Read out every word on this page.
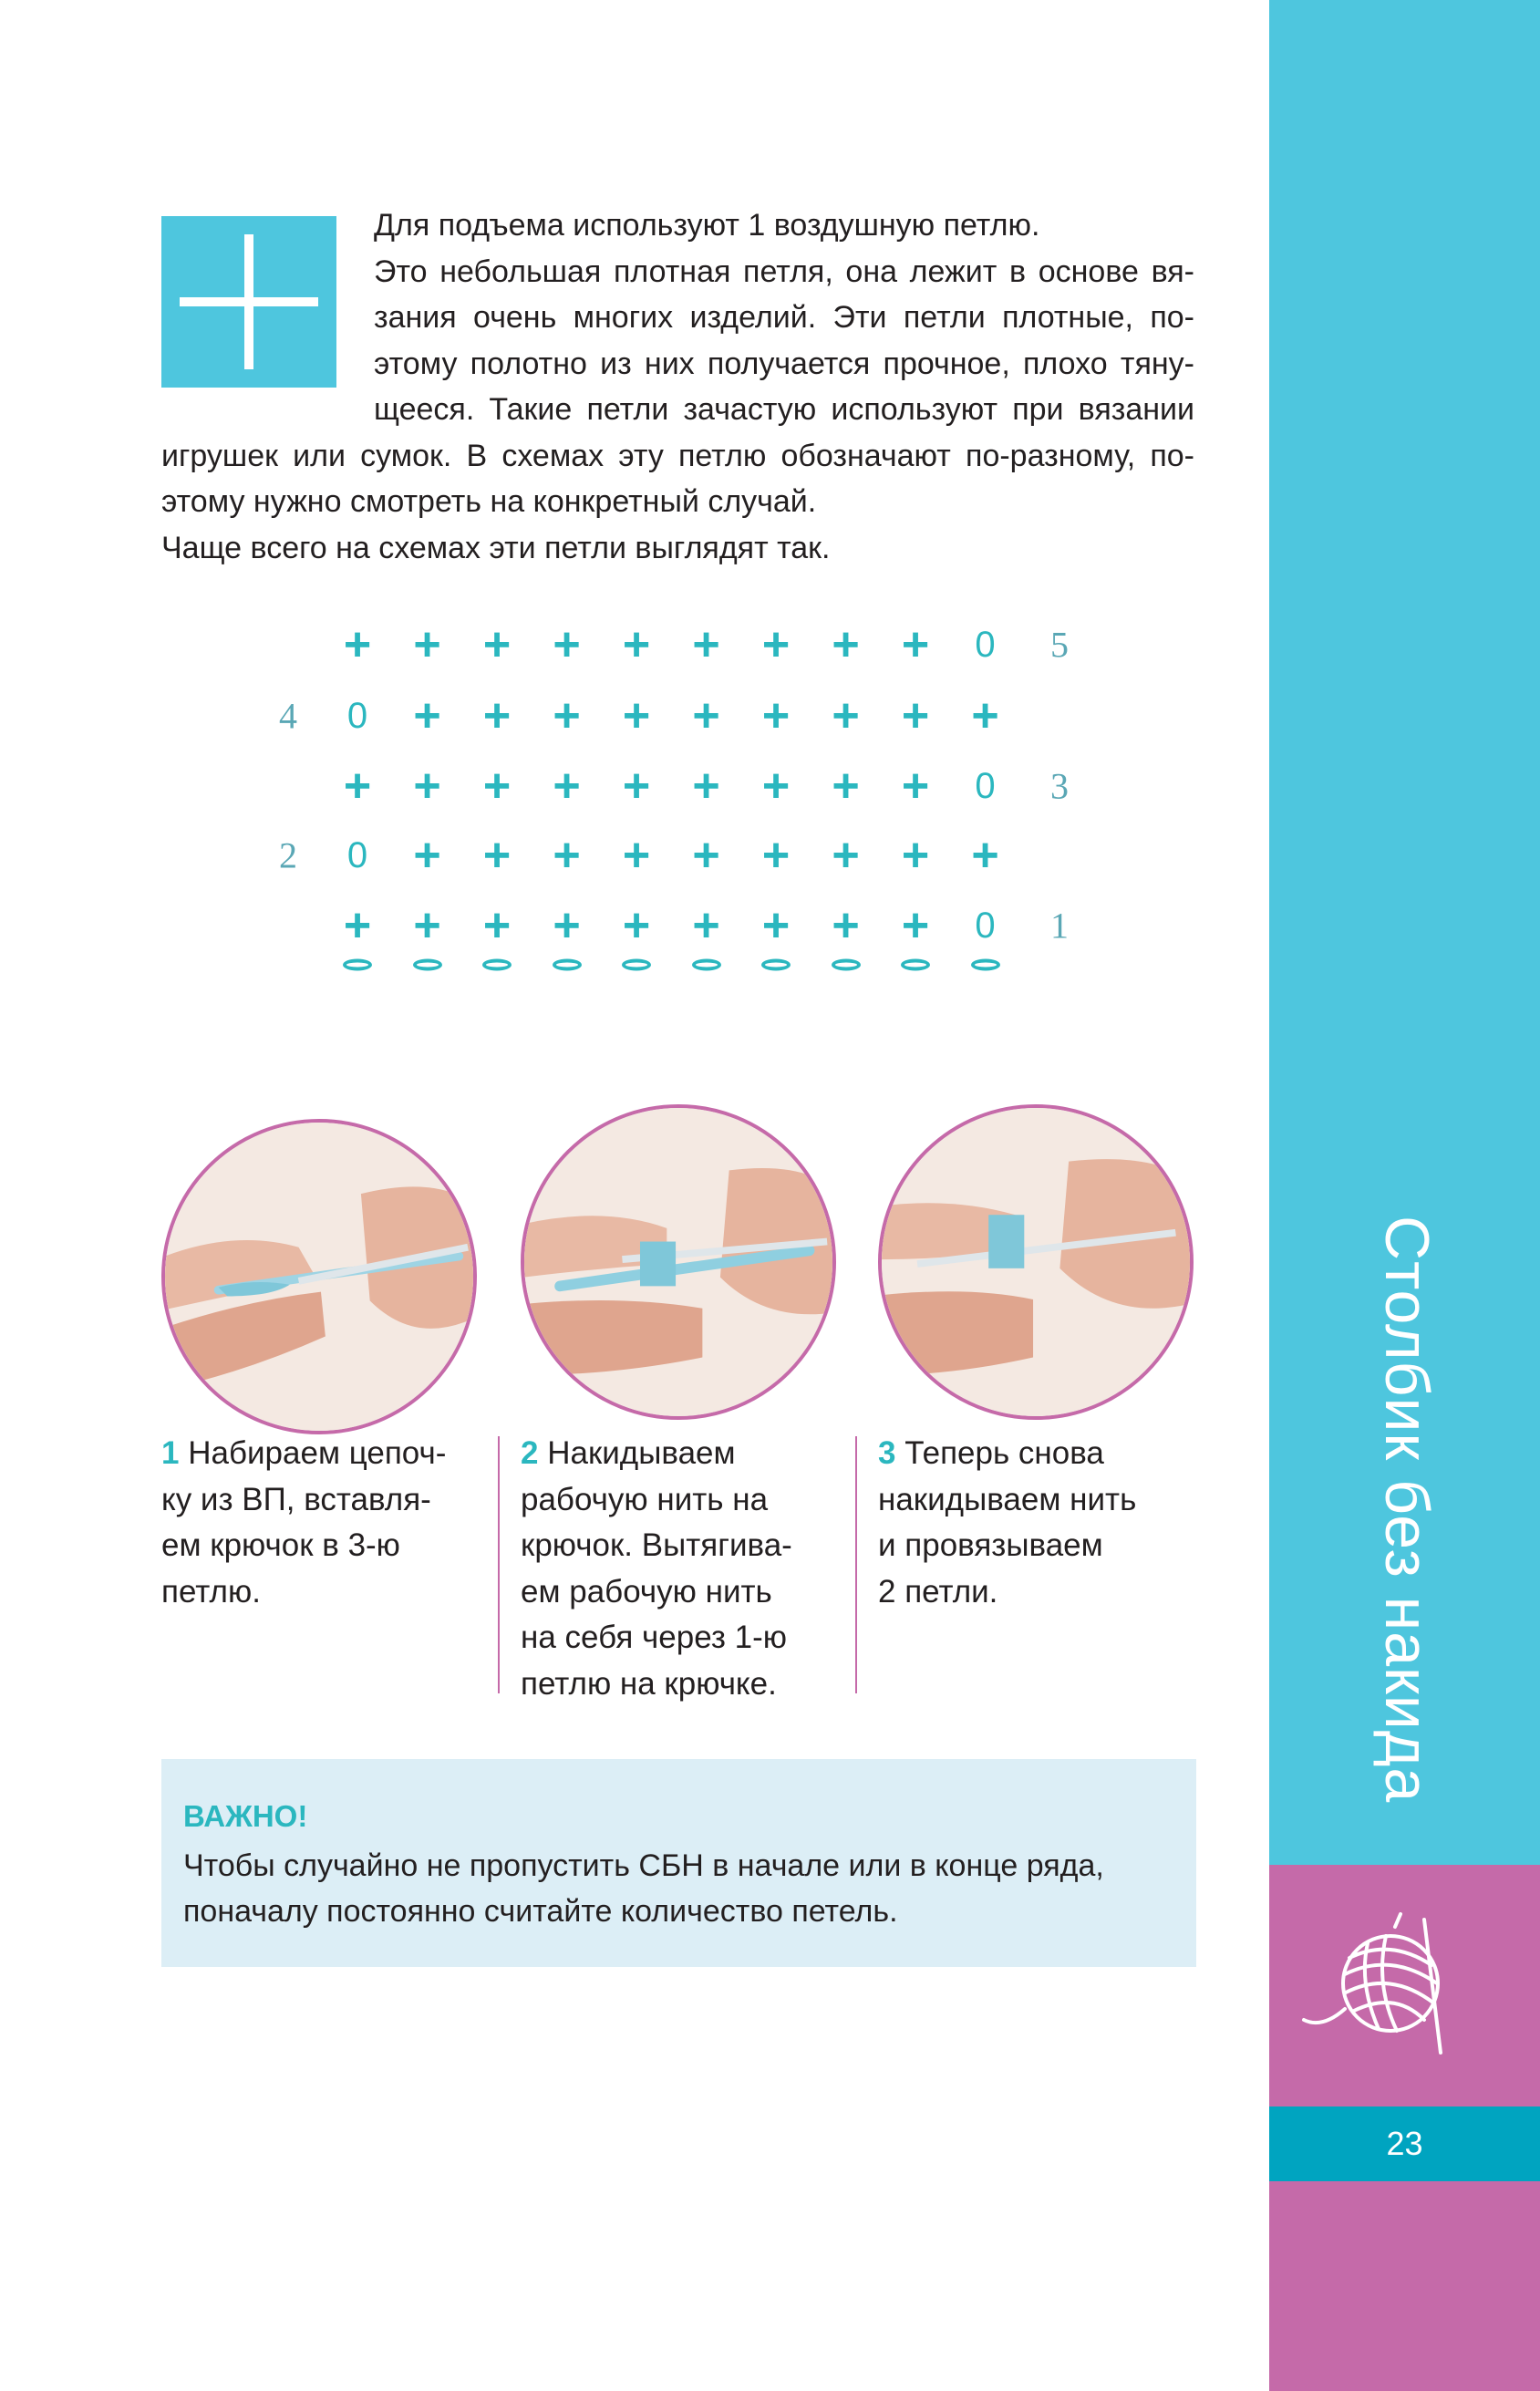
Столбик без накида
23
Для подъема используют 1 воздушную петлю.
Это небольшая плотная петля, она лежит в основе вя-
зания очень многих изделий. Эти петли плотные, по-
этому полотно из них получается прочное, плохо тяну-
щееся. Такие петли зачастую используют при вязании
игрушек или сумок. В схемах эту петлю обозначают по-разному, по-
этому нужно смотреть на конкретный случай.
Чаще всего на схемах эти петли выглядят так.
+ + + + + + + + + 0 5
0 + + + + + + + + +
4
+ + + + + + + + + 0 3
0 + + + + + + + + +
2
+ + + + + + + + + 0 1
1 Набираем цепоч-
ку из ВП, вставля-
ем крючок в 3-ю
петлю.
2 Накидываем
рабочую нить на
крючок. Вытягива-
ем рабочую нить
на себя через 1-ю
петлю на крючке.
3 Теперь снова
накидываем нить
и провязываем
2 петли.
ВАЖНО!
Чтобы случайно не пропустить СБН в начале или в конце ряда,
поначалу постоянно считайте количество петель.
